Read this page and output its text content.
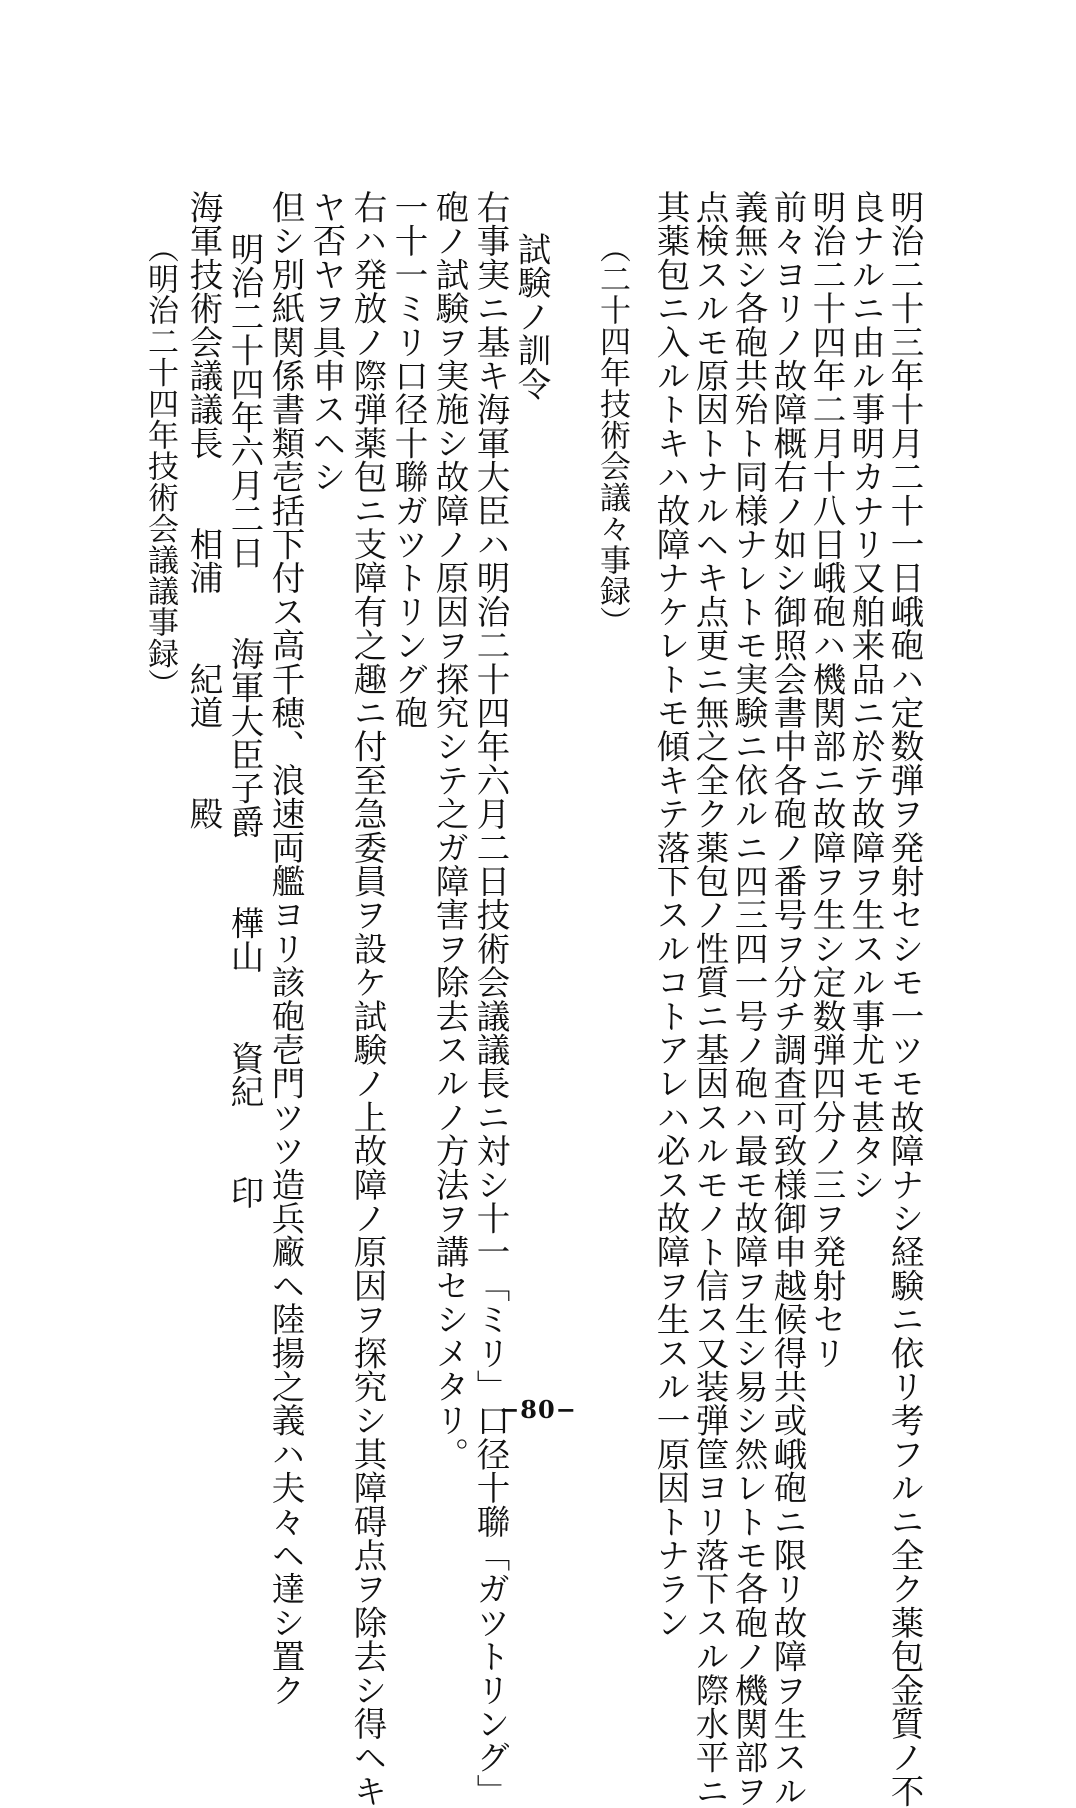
明治二十三年十月二十一日峨砲ハ定数弾ヲ発射セシモ一ツモ故障ナシ経験ニ依リ考フルニ全ク薬包金質ノ不
良ナルニ由ル事明カナリ又舶来品ニ於テ故障ヲ生スル事尤モ甚タシ
明治二十四年二月十八日峨砲ハ機関部ニ故障ヲ生シ定数弾四分ノ三ヲ発射セリ
前々ヨリノ故障概右ノ如シ御照会書中各砲ノ番号ヲ分チ調査可致様御申越候得共或峨砲ニ限リ故障ヲ生スル
義無シ各砲共殆ト同様ナレトモ実験ニ依ルニ四三四一号ノ砲ハ最モ故障ヲ生シ易シ然レトモ各砲ノ機関部ヲ
点検スルモ原因トナルヘキ点更ニ無之全ク薬包ノ性質ニ基因スルモノト信ス又装弾筐ヨリ落下スル際水平ニ
其薬包ニ入ルトキハ故障ナケレトモ傾キテ落下スルコトアレハ必ス故障ヲ生スル一原因トナラン
（二十四年技術会議々事録）
試験ノ訓令
右事実ニ基キ海軍大臣ハ明治二十四年六月二日技術会議議長ニ対シ十一「ミリ」口径十聯「ガツトリング」
砲ノ試験ヲ実施シ故障ノ原因ヲ探究シテ之ガ障害ヲ除去スルノ方法ヲ講セシメタリ。
一十一ミリ口径十聯ガツトリング砲
右ハ発放ノ際弾薬包ニ支障有之趣ニ付至急委員ヲ設ケ試験ノ上故障ノ原因ヲ探究シ其障碍点ヲ除去シ得ヘキ
ヤ否ヤヲ具申スヘシ
但シ別紙関係書類壱括下付ス高千穂、浪速両艦ヨリ該砲壱門ツツ造兵廠ヘ陸揚之義ハ夫々ヘ達シ置ク
明治二十四年六月二日　　海軍大臣子爵　　樺山　　資紀　　印
海軍技術会議議長　　相浦　　紀道　　殿
（明治二十四年技術会議議事録）
−80−
